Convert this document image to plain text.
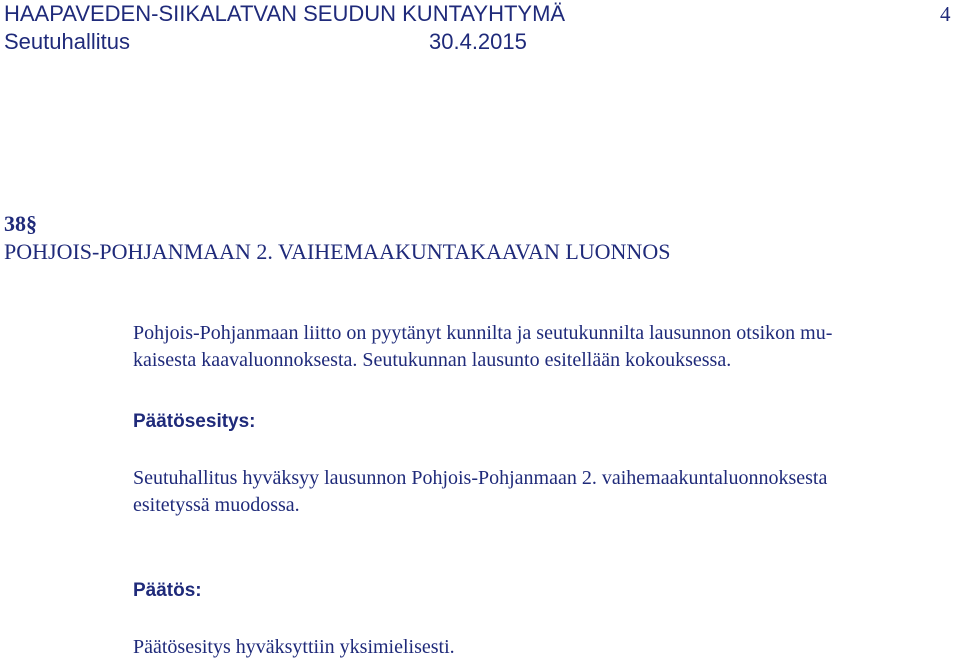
HAAPAVEDEN-SIIKALATVAN SEUDUN KUNTAYHTYMÄ
Seutuhallitus	30.4.2015
4
38§
POHJOIS-POHJANMAAN 2. VAIHEMAAKUNTAKAAVAN LUONNOS
Pohjois-Pohjanmaan liitto on pyytänyt kunnilta ja seutukunnilta lausunnon otsikon mu-
kaisesta kaavaluonnoksesta. Seutukunnan lausunto esitellään kokouksessa.
Päätösesitys:
Seutuhallitus hyväksyy lausunnon Pohjois-Pohjanmaan 2. vaihemaakuntaluonnoksesta
esitetyssä muodossa.
Päätös:
Päätösesitys hyväksyttiin yksimielisesti.
